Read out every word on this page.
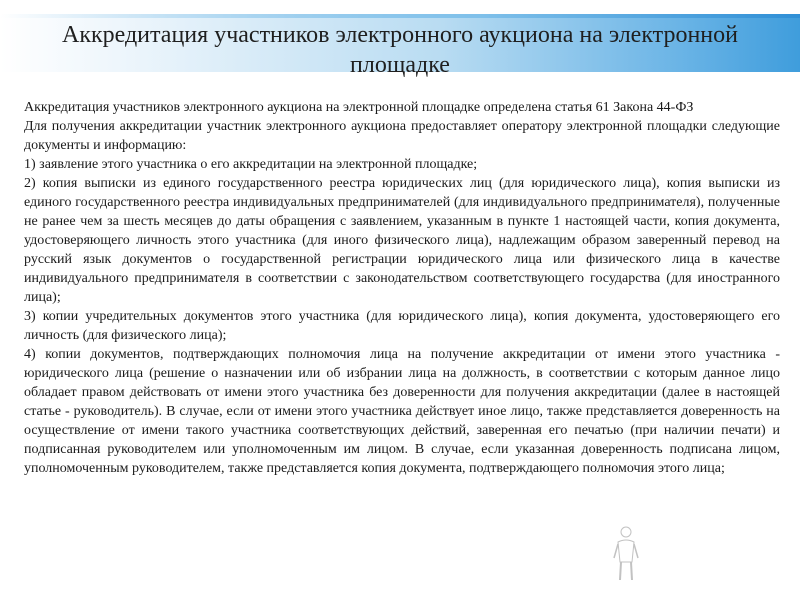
Аккредитация участников электронного аукциона на электронной площадке

Аккредитация участников электронного аукциона на электронной площадке определена статья 61 Закона 44-ФЗ

Для получения аккредитации участник электронного аукциона предоставляет оператору электронной площадки следующие документы и информацию:

1) заявление этого участника о его аккредитации на электронной площадке;

2) копия выписки из единого государственного реестра юридических лиц (для юридического лица), копия выписки из единого государственного реестра индивидуальных предпринимателей (для индивидуального предпринимателя), полученные не ранее чем за шесть месяцев до даты обращения с заявлением, указанным в пункте 1 настоящей части, копия документа, удостоверяющего личность этого участника (для иного физического лица), надлежащим образом заверенный перевод на русский язык документов о государственной регистрации юридического лица или физического лица в качестве индивидуального предпринимателя в соответствии с законодательством соответствующего государства (для иностранного лица);

3) копии учредительных документов этого участника (для юридического лица), копия документа, удостоверяющего его личность (для физического лица);

4) копии документов, подтверждающих полномочия лица на получение аккредитации от имени этого участника - юридического лица (решение о назначении или об избрании лица на должность, в соответствии с которым данное лицо обладает правом действовать от имени этого участника без доверенности для получения аккредитации (далее в настоящей статье - руководитель). В случае, если от имени этого участника действует иное лицо, также представляется доверенность на осуществление от имени такого участника соответствующих действий, заверенная его печатью (при наличии печати) и подписанная руководителем или уполномоченным им лицом. В случае, если указанная доверенность подписана лицом, уполномоченным руководителем, также представляется копия документа, подтверждающего полномочия этого лица;
